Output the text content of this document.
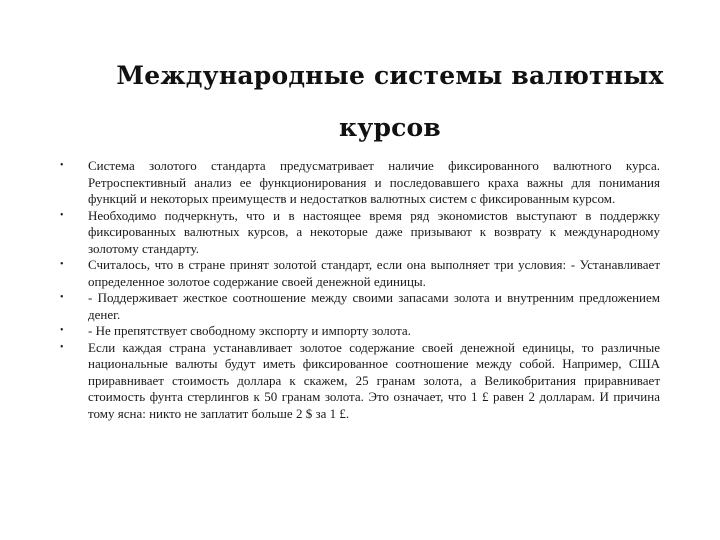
Международные системы валютных
курсов
• Система золотого стандарта предусматривает наличие фиксированного валютного курса. Ретроспективный анализ ее функционирования и последовавшего краха важны для понимания функций и некоторых преимуществ и недостатков валютных систем с фиксированным курсом.
• Необходимо подчеркнуть, что и в настоящее время ряд экономистов выступают в поддержку фиксированных валютных курсов, а некоторые даже призывают к возврату к международному золотому стандарту.
• Считалось, что в стране принят золотой стандарт, если она выполняет три условия: - Устанавливает определенное золотое содержание своей денежной единицы.
• - Поддерживает жесткое соотношение между своими запасами золота и внутренним предложением денег.
• - Не препятствует свободному экспорту и импорту золота.
• Если каждая страна устанавливает золотое содержание своей денежной единицы, то различные национальные валюты будут иметь фиксированное соотношение между собой. Например, США приравнивает стоимость доллара к скажем, 25 гранам золота, а Великобритания приравнивает стоимость фунта стерлингов к 50 гранам золота. Это означает, что 1 £ равен 2 долларам. И причина тому ясна: никто не заплатит больше 2 $ за 1 £.
